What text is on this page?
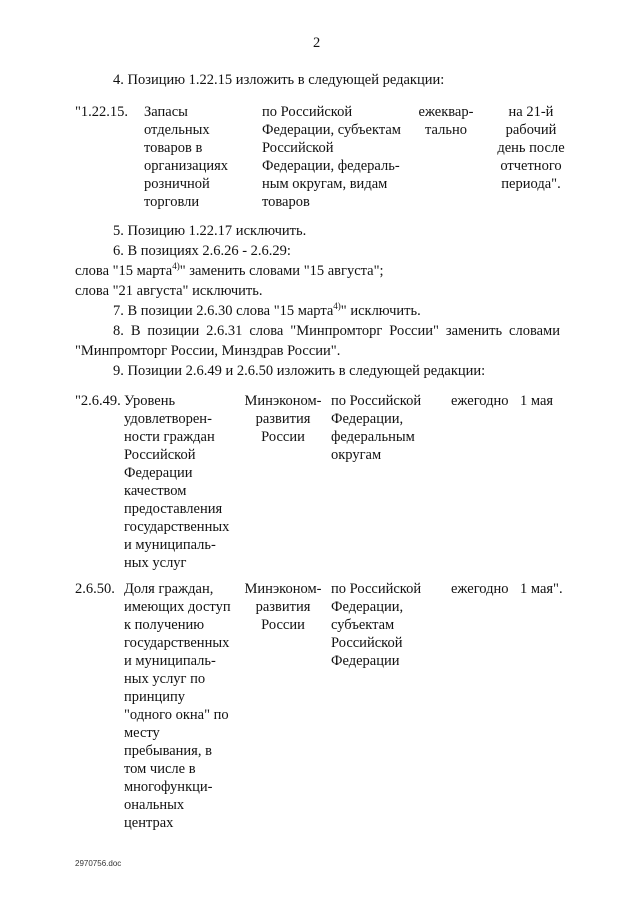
2
4. Позицию 1.22.15 изложить в следующей редакции:
"1.22.15. Запасы
отдельных
товаров в
организациях
розничной
торговли
по Российской
Федерации, субъектам
Российской
Федерации, федераль-
ным округам, видам
товаров
ежеквар-
тально
на 21-й
рабочий
день после
отчетного
периода".
5. Позицию 1.22.17 исключить.
6. В позициях 2.6.26 - 2.6.29:
слова "15 марта$^{4)}$" заменить словами "15 августа";
слова "21 августа" исключить.
7. В позиции 2.6.30 слова "15 марта$^{4)}$" исключить.
8. В позиции 2.6.31 слова "Минпромторг России" заменить словами
"Минпромторг России, Минздрав России".
9. Позиции 2.6.49 и 2.6.50 изложить в следующей редакции:
"2.6.49. Уровень
удовлетворен-
ности граждан
Российской
Федерации
качеством
предоставления
государственных
и муниципаль-
ных услуг
Минэконом-
развития
России
по Российской
Федерации,
федеральным
округам
ежегодно 1 мая
2.6.50. Доля граждан,
имеющих доступ
к получению
государственных
и муниципаль-
ных услуг по
принципу
"одного окна" по
месту
пребывания, в
том числе в
многофункци-
ональных
центрах
Минэконом-
развития
России
по Российской
Федерации,
субъектам
Российской
Федерации
ежегодно 1 мая".
2970756.doc
